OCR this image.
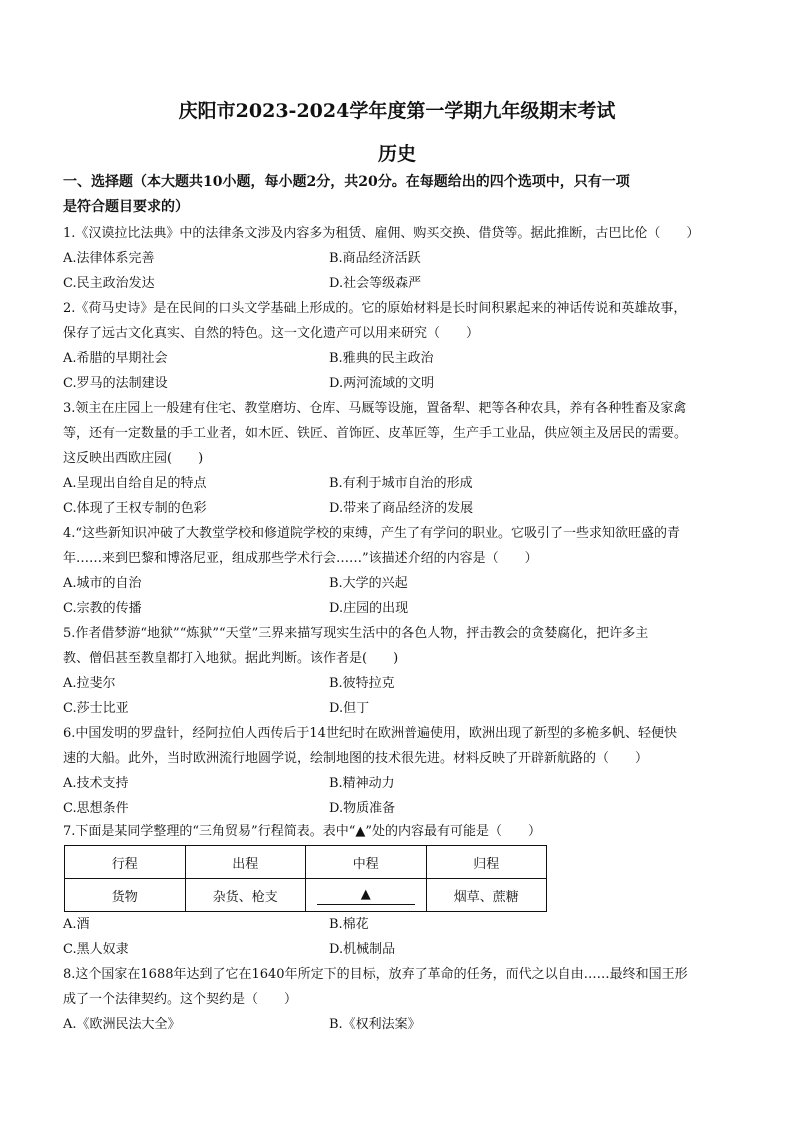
庆阳市2023-2024学年度第一学期九年级期末考试
历史
一、选择题（本大题共10小题，每小题2分，共20分。在每题给出的四个选项中，只有一项
是符合题目要求的）
1.《汉谟拉比法典》中的法律条文涉及内容多为租赁、雇佣、购买交换、借贷等。据此推断，古巴比伦（　　）
A.法律体系完善	B.商品经济活跃
C.民主政治发达	D.社会等级森严
2.《荷马史诗》是在民间的口头文学基础上形成的。它的原始材料是长时间积累起来的神话传说和英雄故事，
保存了远古文化真实、自然的特色。这一文化遗产可以用来研究（　　）
A.希腊的早期社会	B.雅典的民主政治
C.罗马的法制建设	D.两河流域的文明
3.领主在庄园上一般建有住宅、教堂磨坊、仓库、马厩等设施，置备犁、耙等各种农具，养有各种牲畜及家禽
等，还有一定数量的手工业者，如木匠、铁匠、首饰匠、皮革匠等，生产手工业品，供应领主及居民的需要。
这反映出西欧庄园(　　)
A.呈现出自给自足的特点	B.有利于城市自治的形成
C.体现了王权专制的色彩	D.带来了商品经济的发展
4.“这些新知识冲破了大教堂学校和修道院学校的束缚，产生了有学问的职业。它吸引了一些求知欲旺盛的青
年……来到巴黎和博洛尼亚，组成那些学术行会……”该描述介绍的内容是（　　）
A.城市的自治	B.大学的兴起
C.宗教的传播	D.庄园的出现
5.作者借梦游“地狱”“炼狱”“天堂”三界来描写现实生活中的各色人物，抨击教会的贪婪腐化，把许多主
教、僧侣甚至教皇都打入地狱。据此判断。该作者是(　　)
A.拉斐尔	B.彼特拉克
C.莎士比亚	D.但丁
6.中国发明的罗盘针，经阿拉伯人西传后于14世纪时在欧洲普遍使用，欧洲出现了新型的多桅多帆、轻便快
速的大船。此外，当时欧洲流行地圆学说，绘制地图的技术很先进。材料反映了开辟新航路的（　　）
A.技术支持	B.精神动力
C.思想条件	D.物质准备
7.下面是某同学整理的“三角贸易”行程简表。表中“▲”处的内容最有可能是（　　）
行程	出程	中程	归程
货物	杂货、枪支	▲	烟草、蔗糖
A.酒	B.棉花
C.黑人奴隶	D.机械制品
8.这个国家在1688年达到了它在1640年所定下的目标，放弃了革命的任务，而代之以自由……最终和国王形
成了一个法律契约。这个契约是（　　）
A.《欧洲民法大全》	B.《权利法案》
